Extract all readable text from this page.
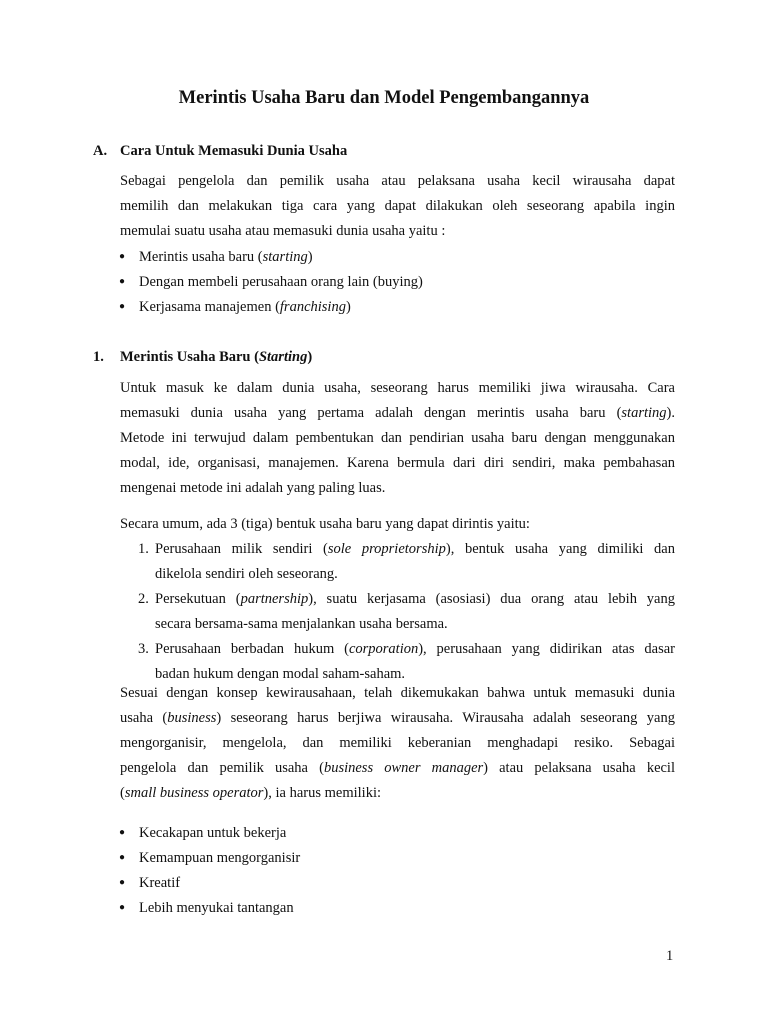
Merintis Usaha Baru dan Model Pengembangannya
A. Cara Untuk Memasuki Dunia Usaha
Sebagai pengelola dan pemilik usaha atau pelaksana usaha kecil wirausaha dapat
memilih dan melakukan tiga cara yang dapat dilakukan oleh seseorang apabila ingin
memulai suatu usaha atau memasuki dunia usaha yaitu :
● Merintis usaha baru (starting)
● Dengan membeli perusahaan orang lain (buying)
● Kerjasama manajemen (franchising)
1. Merintis Usaha Baru (Starting)
Untuk masuk ke dalam dunia usaha, seseorang harus memiliki jiwa wirausaha. Cara
memasuki dunia usaha yang pertama adalah dengan merintis usaha baru (starting).
Metode ini terwujud dalam pembentukan dan pendirian usaha baru dengan menggunakan
modal, ide, organisasi, manajemen. Karena bermula dari diri sendiri, maka pembahasan
mengenai metode ini adalah yang paling luas.
Secara umum, ada 3 (tiga) bentuk usaha baru yang dapat dirintis yaitu:
1. Perusahaan milik sendiri (sole proprietorship), bentuk usaha yang dimiliki dan
dikelola sendiri oleh seseorang.
2. Persekutuan (partnership), suatu kerjasama (asosiasi) dua orang atau lebih yang
secara bersama-sama menjalankan usaha bersama.
3. Perusahaan berbadan hukum (corporation), perusahaan yang didirikan atas dasar
badan hukum dengan modal saham-saham.
Sesuai dengan konsep kewirausahaan, telah dikemukakan bahwa untuk memasuki dunia
usaha (business) seseorang harus berjiwa wirausaha. Wirausaha adalah seseorang yang
mengorganisir, mengelola, dan memiliki keberanian menghadapi resiko. Sebagai
pengelola dan pemilik usaha (business owner manager) atau pelaksana usaha kecil
(small business operator), ia harus memiliki:
● Kecakapan untuk bekerja
● Kemampuan mengorganisir
● Kreatif
● Lebih menyukai tantangan
1
